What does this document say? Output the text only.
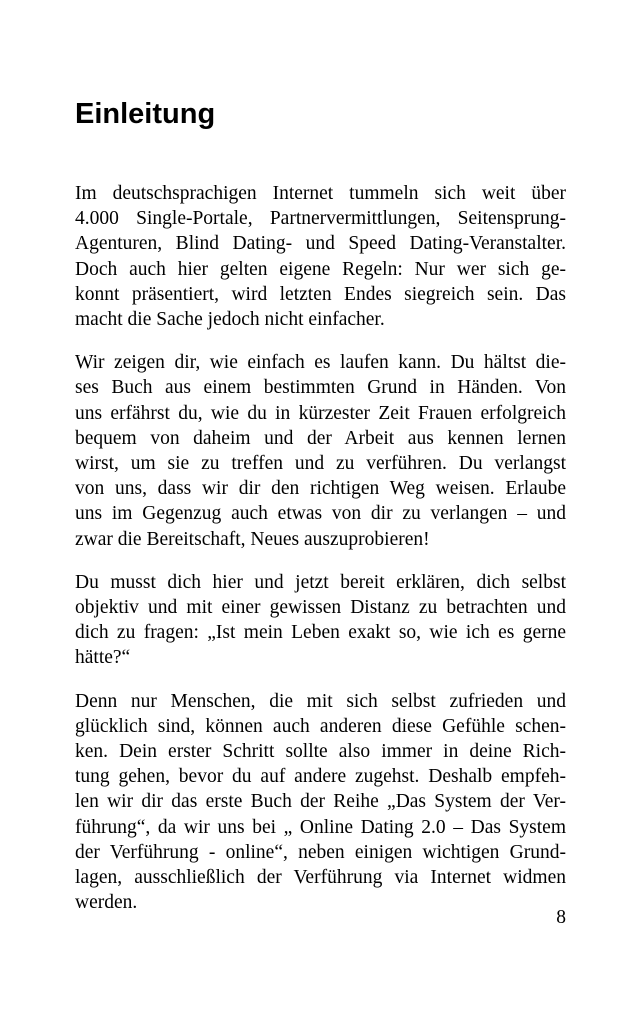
Einleitung

Im deutschsprachigen Internet tummeln sich weit über
4.000 Single-Portale, Partnervermittlungen, Seitensprung-
Agenturen, Blind Dating- und Speed Dating-Veranstalter.
Doch auch hier gelten eigene Regeln: Nur wer sich ge-
konnt präsentiert, wird letzten Endes siegreich sein. Das
macht die Sache jedoch nicht einfacher.

Wir zeigen dir, wie einfach es laufen kann. Du hältst die-
ses Buch aus einem bestimmten Grund in Händen. Von
uns erfährst du, wie du in kürzester Zeit Frauen erfolgreich
bequem von daheim und der Arbeit aus kennen lernen
wirst, um sie zu treffen und zu verführen. Du verlangst
von uns, dass wir dir den richtigen Weg weisen. Erlaube
uns im Gegenzug auch etwas von dir zu verlangen – und
zwar die Bereitschaft, Neues auszuprobieren!

Du musst dich hier und jetzt bereit erklären, dich selbst
objektiv und mit einer gewissen Distanz zu betrachten und
dich zu fragen: „Ist mein Leben exakt so, wie ich es gerne
hätte?“

Denn nur Menschen, die mit sich selbst zufrieden und
glücklich sind, können auch anderen diese Gefühle schen-
ken. Dein erster Schritt sollte also immer in deine Rich-
tung gehen, bevor du auf andere zugehst. Deshalb empfeh-
len wir dir das erste Buch der Reihe „Das System der Ver-
führung“, da wir uns bei „ Online Dating 2.0 – Das System
der Verführung - online“, neben einigen wichtigen Grund-
lagen, ausschließlich der Verführung via Internet widmen
werden.

8
